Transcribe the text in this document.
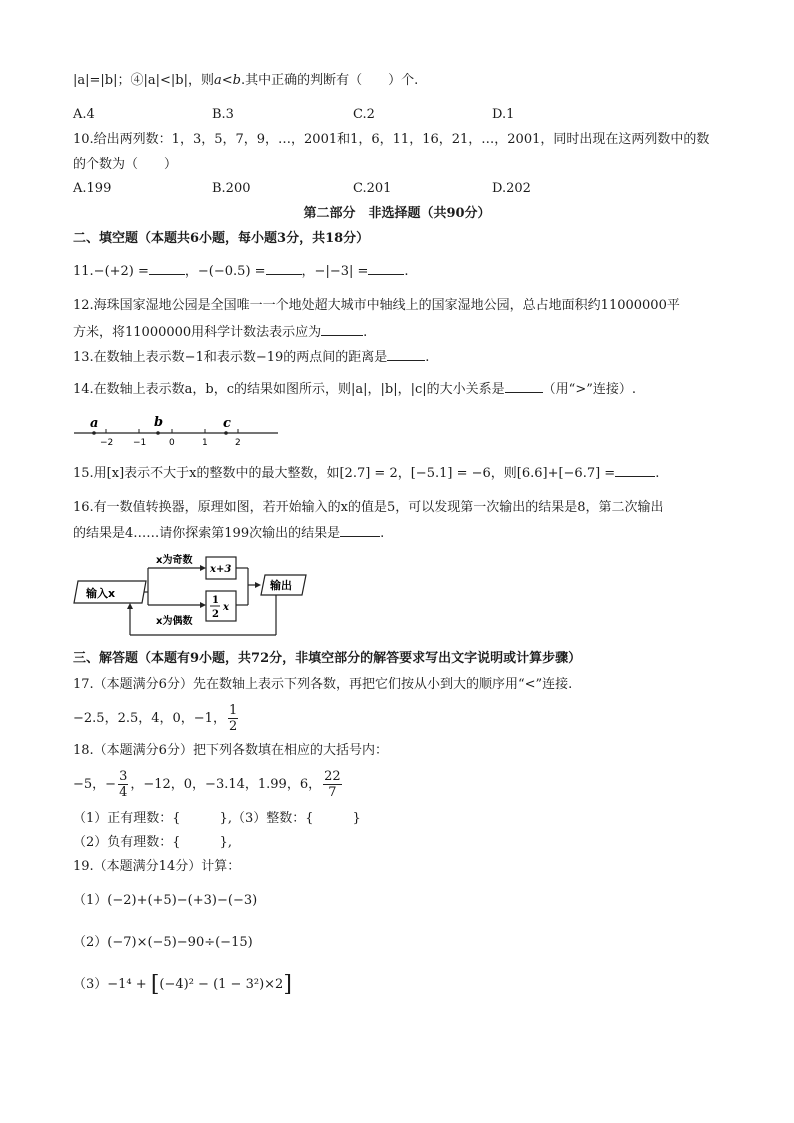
|a|=|b|；④|a|<|b|，则a<b.其中正确的判断有（　　）个.
A.4	B.3	C.2	D.1
10.给出两列数：1，3，5，7，9，…，2001和1，6，11，16，21，…，2001，同时出现在这两列数中的数
的个数为（　　）
A.199	B.200	C.201	D.202
第二部分　非选择题（共90分）
二、填空题（本题共6小题，每小题3分，共18分）
11.−(+2) =	，−(−0.5) =	，−|−3| =	.
12.海珠国家湿地公园是全国唯一一个地处超大城市中轴线上的国家湿地公园，总占地面积约11000000平
方米，将11000000用科学计数法表示应为	.
13.在数轴上表示数−1和表示数−19的两点间的距离是	.
14.在数轴上表示数a，b，c的结果如图所示，则|a|，|b|，|c|的大小关系是	（用“>”连接）.
a	b	c
−2 −1	0	1	2
15.用[x]表示不大于x的整数中的最大整数，如[2.7] = 2，[−5.1] = −6，则[6.6]+[−6.7] =	.
16.有一数值转换器，原理如图，若开始输入的x的值是5，可以发现第一次输出的结果是8，第二次输出
的结果是4……请你探索第199次输出的结果是	.
输入x
x为奇数
x为偶数
x+3
1
2
x
输出
三、解答题（本题有9小题，共72分，非填空部分的解答要求写出文字说明或计算步骤）
17.（本题满分6分）先在数轴上表示下列各数，再把它们按从小到大的顺序用“<”连接.
−2.5，2.5，4，0，−1， $\frac{1}{2}$
18.（本题满分6分）把下列各数填在相应的大括号内：
−5，− $\frac{3}{4}$ ，−12，0，−3.14，1.99，6， $\frac{22}{7}$
（1）正有理数：{　　　},（3）整数：{　　　}
（2）负有理数：{　　　},
19.（本题满分14分）计算：
（1）(−2)+(+5)−(+3)−(−3)
（2）(−7)×(−5)−90÷(−15)
（3）−1⁴ + [(−4)² − (1 − 3²)×2]
